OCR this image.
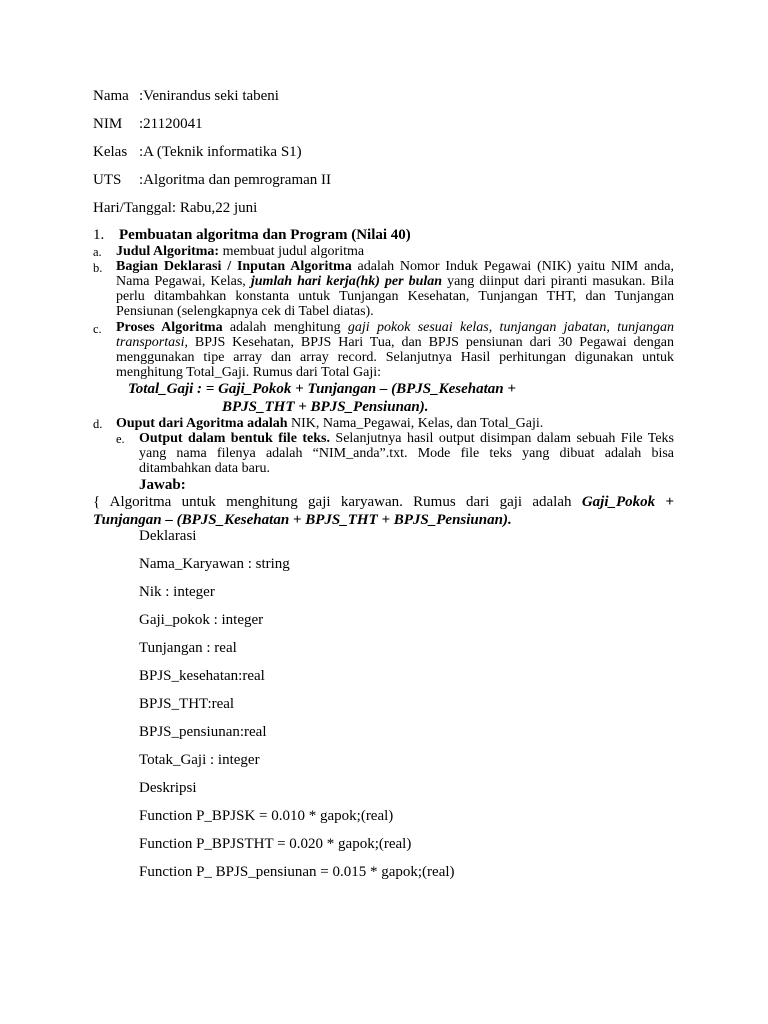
Nama :Venirandus seki tabeni
NIM :21120041
Kelas :A (Teknik informatika S1)
UTS :Algoritma dan pemrograman II
Hari/Tanggal: Rabu,22 juni
1. Pembuatan algoritma dan Program (Nilai 40)
a. Judul Algoritma: membuat judul algoritma
b. Bagian Deklarasi / Inputan Algoritma adalah Nomor Induk Pegawai (NIK) yaitu NIM anda,
Nama Pegawai, Kelas, jumlah hari kerja(hk) per bulan yang diinput dari piranti masukan. Bila
perlu ditambahkan konstanta untuk Tunjangan Kesehatan, Tunjangan THT, dan Tunjangan
Pensiunan (selengkapnya cek di Tabel diatas).
c. Proses Algoritma adalah menghitung gaji pokok sesuai kelas, tunjangan jabatan, tunjangan
transportasi, BPJS Kesehatan, BPJS Hari Tua, dan BPJS pensiunan dari 30 Pegawai dengan
menggunakan tipe array dan array record. Selanjutnya Hasil perhitungan digunakan untuk
menghitung Total_Gaji. Rumus dari Total Gaji:
Total_Gaji : = Gaji_Pokok + Tunjangan – (BPJS_Kesehatan +
BPJS_THT + BPJS_Pensiunan).
d. Ouput dari Agoritma adalah NIK, Nama_Pegawai, Kelas, dan Total_Gaji.
e. Output dalam bentuk file teks. Selanjutnya hasil output disimpan dalam sebuah File Teks
yang nama filenya adalah “NIM_anda”.txt. Mode file teks yang dibuat adalah bisa
ditambahkan data baru.
Jawab:
{ Algoritma untuk menghitung gaji karyawan. Rumus dari gaji adalah Gaji_Pokok +
Tunjangan – (BPJS_Kesehatan + BPJS_THT + BPJS_Pensiunan).
Deklarasi
Nama_Karyawan : string
Nik : integer
Gaji_pokok : integer
Tunjangan : real
BPJS_kesehatan:real
BPJS_THT:real
BPJS_pensiunan:real
Totak_Gaji : integer
Deskripsi
Function P_BPJSK = 0.010 * gapok;(real)
Function P_BPJSTHT = 0.020 * gapok;(real)
Function P_ BPJS_pensiunan = 0.015 * gapok;(real)
